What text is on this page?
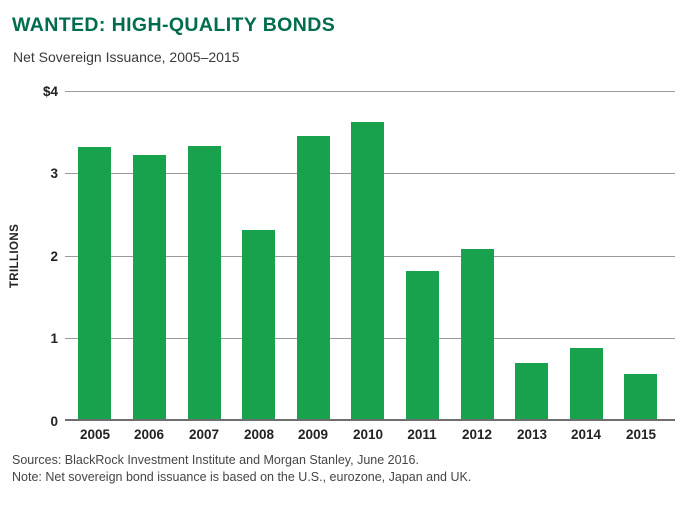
WANTED: HIGH-QUALITY BONDS

Net Sovereign Issuance, 2005–2015

TRILLIONS
0
1
2
3
$4
2005	2006	2007	2008	2009	2010	2011	2012	2013	2014	2015

Sources: BlackRock Investment Institute and Morgan Stanley, June 2016.

Note: Net sovereign bond issuance is based on the U.S., eurozone, Japan and UK.
